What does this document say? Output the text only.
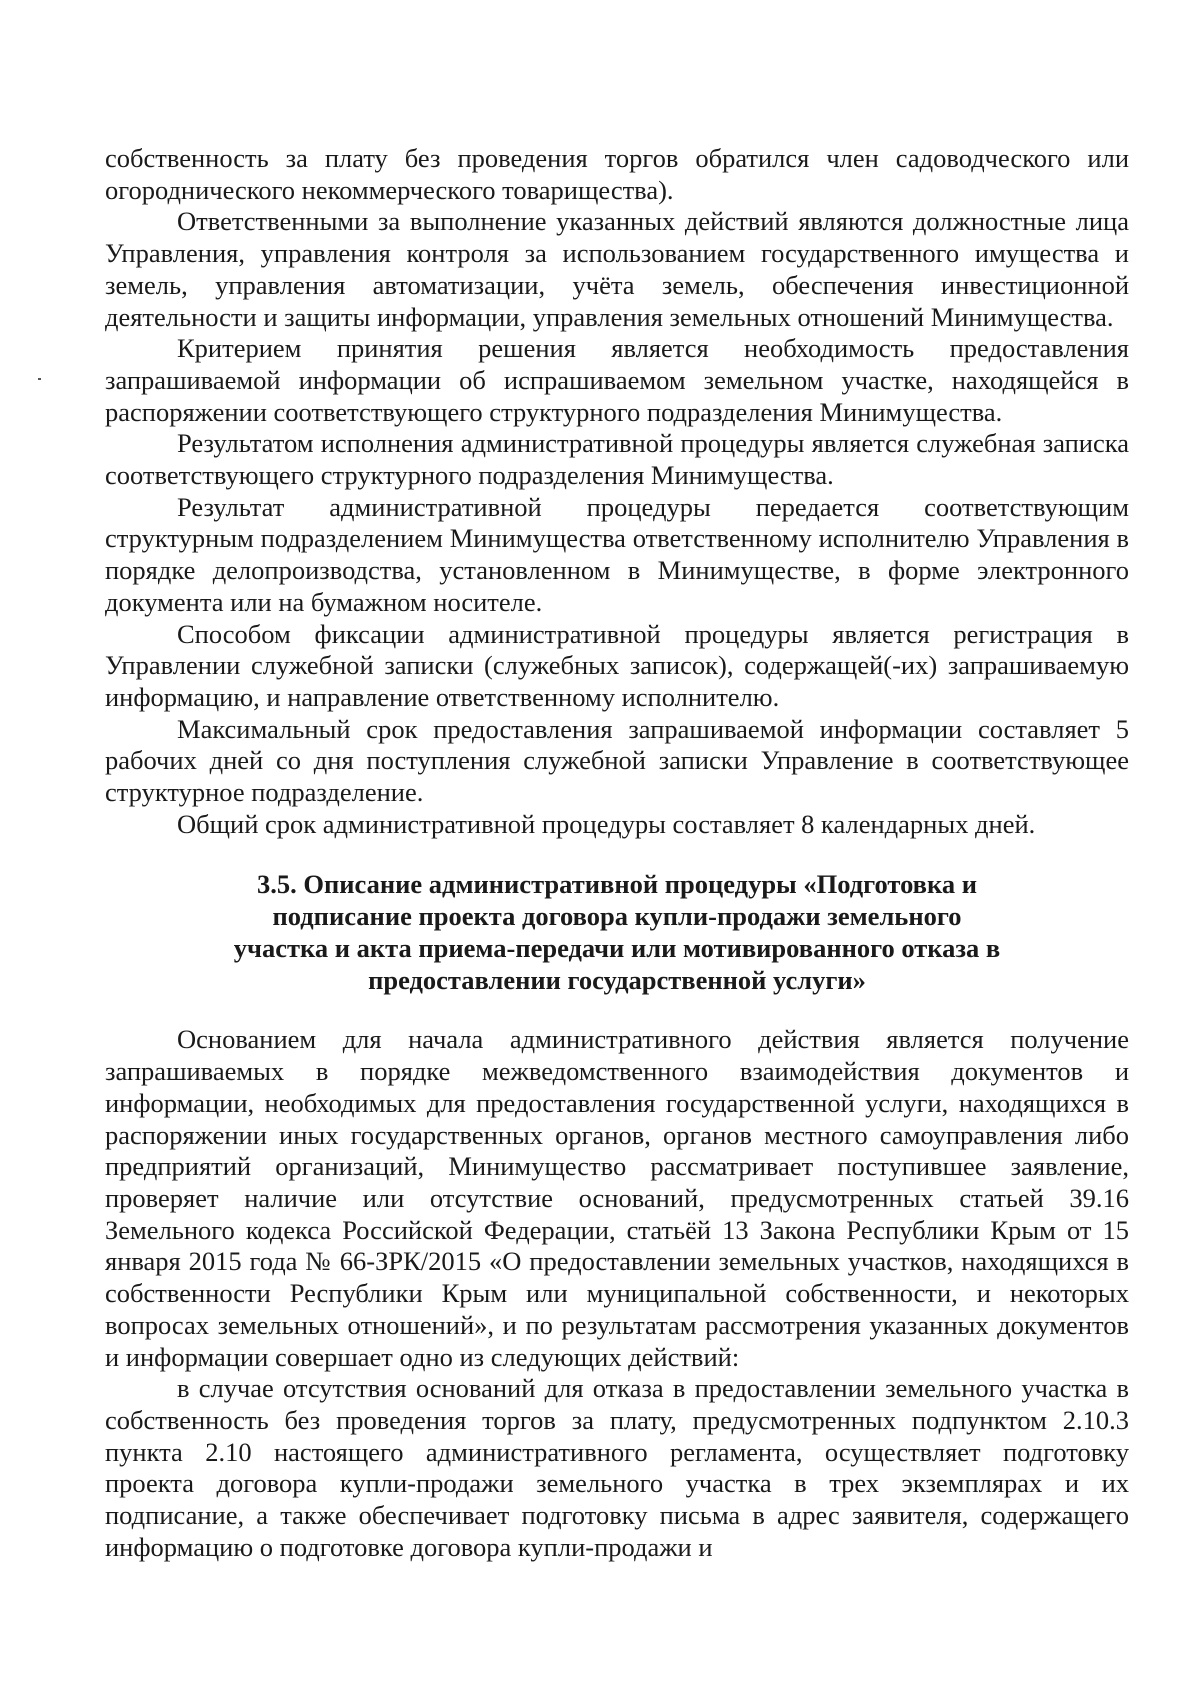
собственность за плату без проведения торгов обратился член садоводческого или огороднического некоммерческого товарищества).

Ответственными за выполнение указанных действий являются должностные лица Управления, управления контроля за использованием государственного имущества и земель, управления автоматизации, учёта земель, обеспечения инвестиционной деятельности и защиты информации, управления земельных отношений Минимущества.

Критерием принятия решения является необходимость предоставления запрашиваемой информации об испрашиваемом земельном участке, находящейся в распоряжении соответствующего структурного подразделения Минимущества.

Результатом исполнения административной процедуры является служебная записка соответствующего структурного подразделения Минимущества.

Результат административной процедуры передается соответствующим структурным подразделением Минимущества ответственному исполнителю Управления в порядке делопроизводства, установленном в Минимуществе, в форме электронного документа или на бумажном носителе.

Способом фиксации административной процедуры является регистрация в Управлении служебной записки (служебных записок), содержащей(-их) запрашиваемую информацию, и направление ответственному исполнителю.

Максимальный срок предоставления запрашиваемой информации составляет 5 рабочих дней со дня поступления служебной записки Управление в соответствующее структурное подразделение.

Общий срок административной процедуры составляет 8 календарных дней.

3.5. Описание административной процедуры «Подготовка и
подписание проекта договора купли-продажи земельного
участка и акта приема-передачи или мотивированного отказа в
предоставлении государственной услуги»

Основанием для начала административного действия является получение запрашиваемых в порядке межведомственного взаимодействия документов и информации, необходимых для предоставления государственной услуги, находящихся в распоряжении иных государственных органов, органов местного самоуправления либо предприятий организаций, Минимущество рассматривает поступившее заявление, проверяет наличие или отсутствие оснований, предусмотренных статьей 39.16 Земельного кодекса Российской Федерации, статьёй 13 Закона Республики Крым от 15 января 2015 года № 66-ЗРК/2015 «О предоставлении земельных участков, находящихся в собственности Республики Крым или муниципальной собственности, и некоторых вопросах земельных отношений», и по результатам рассмотрения указанных документов и информации совершает одно из следующих действий:

в случае отсутствия оснований для отказа в предоставлении земельного участка в собственность без проведения торгов за плату, предусмотренных подпунктом 2.10.3 пункта 2.10 настоящего административного регламента, осуществляет подготовку проекта договора купли-продажи земельного участка в трех экземплярах и их подписание, а также обеспечивает подготовку письма в адрес заявителя, содержащего информацию о подготовке договора купли-продажи и
